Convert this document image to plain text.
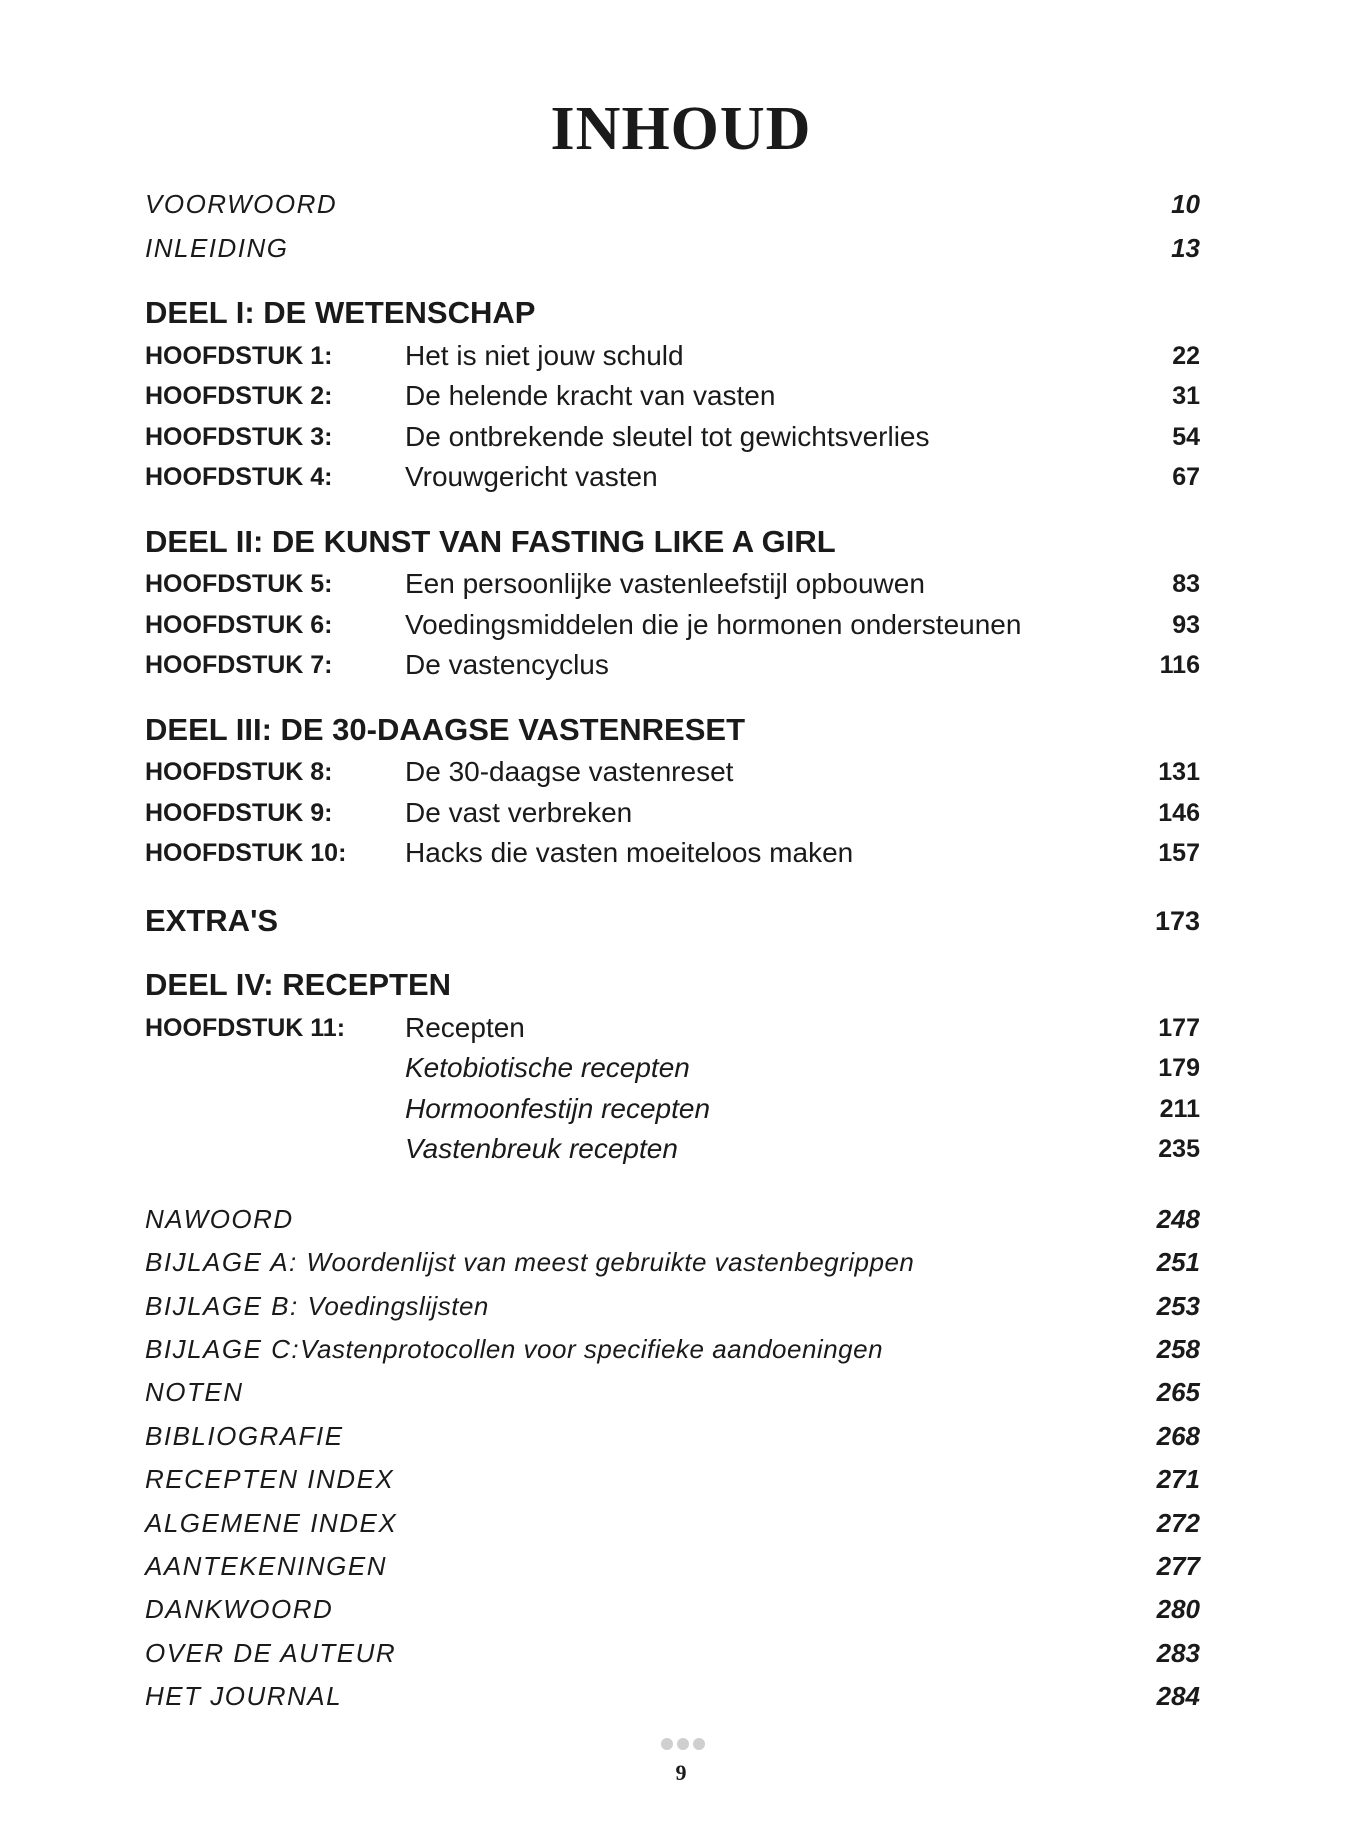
INHOUD
VOORWOORD	10
INLEIDING	13
DEEL I: DE WETENSCHAP
HOOFDSTUK 1:	Het is niet jouw schuld	22
HOOFDSTUK 2:	De helende kracht van vasten	31
HOOFDSTUK 3:	De ontbrekende sleutel tot gewichtsverlies	54
HOOFDSTUK 4:	Vrouwgericht vasten	67
DEEL II: DE KUNST VAN FASTING LIKE A GIRL
HOOFDSTUK 5:	Een persoonlijke vastenleefstijl opbouwen	83
HOOFDSTUK 6:	Voedingsmiddelen die je hormonen ondersteunen	93
HOOFDSTUK 7:	De vastencyclus	116
DEEL III: DE 30-DAAGSE VASTENRESET
HOOFDSTUK 8:	De 30-daagse vastenreset	131
HOOFDSTUK 9:	De vast verbreken	146
HOOFDSTUK 10: Hacks die vasten moeiteloos maken	157
EXTRA'S	173
DEEL IV: RECEPTEN
HOOFDSTUK 11: Recepten	177
Ketobiotische recepten	179
Hormoonfestijn recepten	211
Vastenbreuk recepten	235
NAWOORD	248
BIJLAGE A: Woordenlijst van meest gebruikte vastenbegrippen	251
BIJLAGE B: Voedingslijsten	253
BIJLAGE C:Vastenprotocollen voor specifieke aandoeningen	258
NOTEN	265
BIBLIOGRAFIE	268
RECEPTEN INDEX	271
ALGEMENE INDEX	272
AANTEKENINGEN	277
DANKWOORD	280
OVER DE AUTEUR	283
HET JOURNAL	284
9
